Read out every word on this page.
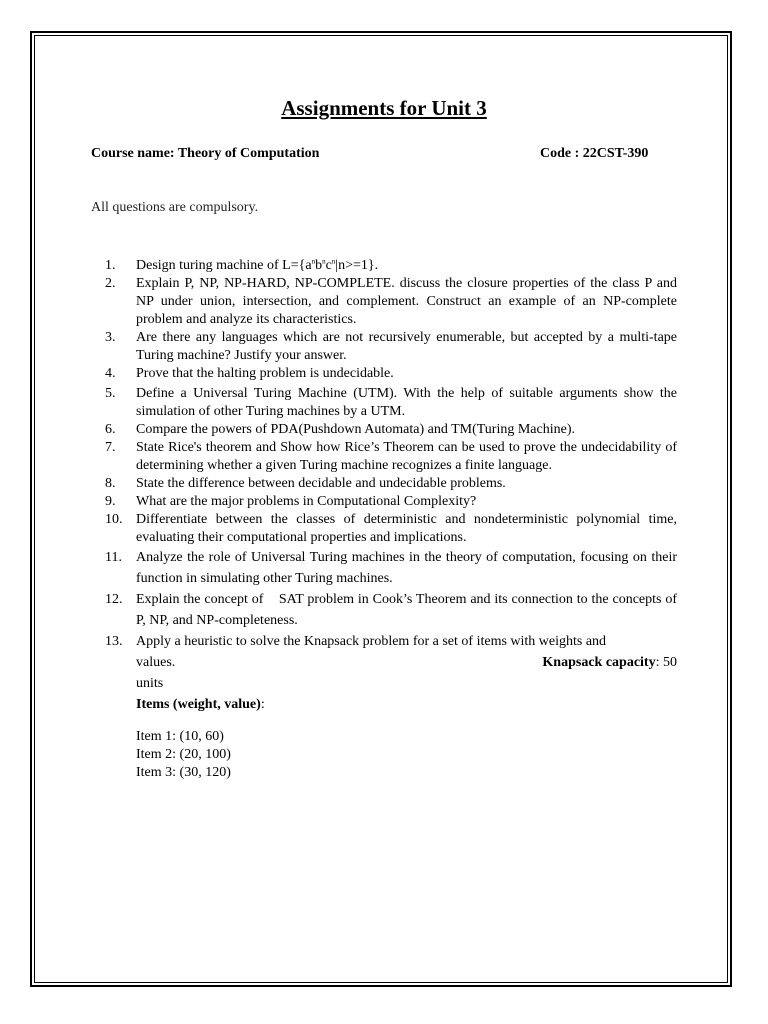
Assignments for Unit 3
Course name: Theory of Computation	Code : 22CST-390
All questions are compulsory.
1.	Design turing machine of $L=\{a^nb^nc^n|n>=1\}$.
2.	Explain P, NP, NP-HARD, NP-COMPLETE. discuss the closure properties of the class P and NP under union, intersection, and complement. Construct an example of an NP-complete problem and analyze its characteristics.
3.	Are there any languages which are not recursively enumerable, but accepted by a multi-tape Turing machine? Justify your answer.
4.	Prove that the halting problem is undecidable.
5.	Define a Universal Turing Machine (UTM). With the help of suitable arguments show the simulation of other Turing machines by a UTM.
6.	Compare the powers of PDA(Pushdown Automata) and TM(Turing Machine).
7.	State Rice's theorem and Show how Rice’s Theorem can be used to prove the undecidability of determining whether a given Turing machine recognizes a finite language.
8.	State the difference between decidable and undecidable problems.
9.	What are the major problems in Computational Complexity?
10. Differentiate between the classes of deterministic and nondeterministic polynomial time, evaluating their computational properties and implications.
11.	Analyze the role of Universal Turing machines in the theory of computation, focusing on their function in simulating other Turing machines.
12. Explain the concept of    SAT problem in Cook’s Theorem and its connection to the concepts of P, NP, and NP-completeness.
13. Apply a heuristic to solve the Knapsack problem for a set of items with weights and
values.	Knapsack capacity: 50
units
Items (weight, value):
Item 1: (10, 60)
Item 2: (20, 100)
Item 3: (30, 120)
